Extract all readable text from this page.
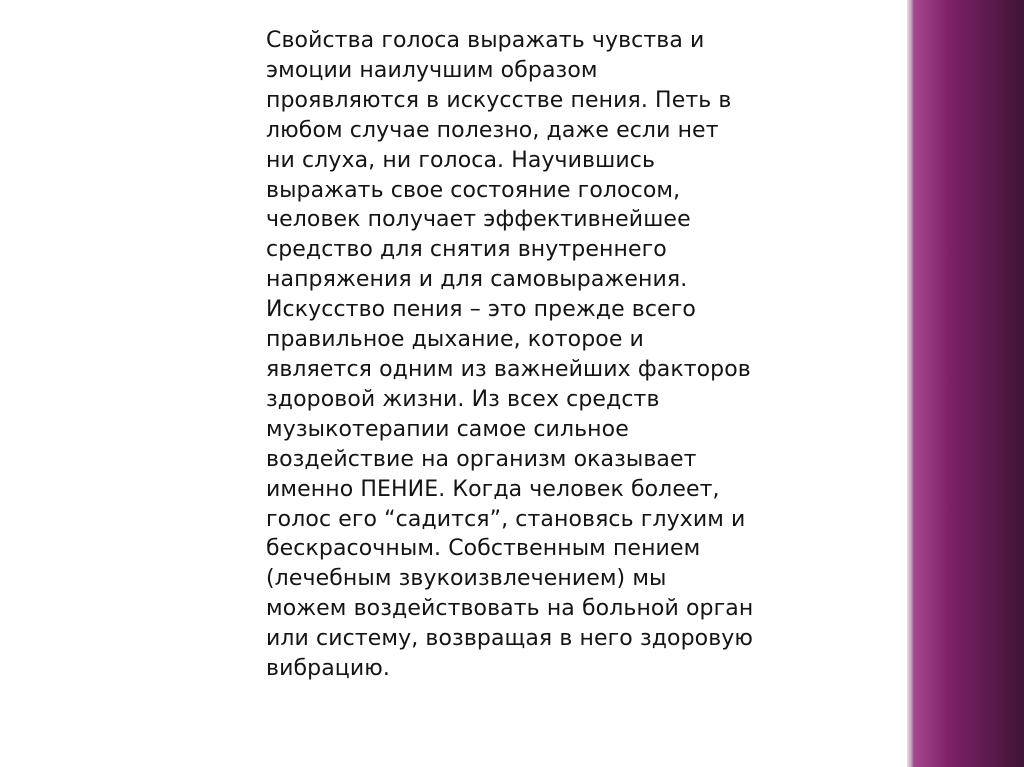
Свойства голоса выражать чувства и
эмоции наилучшим образом
проявляются в искусстве пения. Петь в
любом случае полезно, даже если нет
ни слуха, ни голоса. Научившись
выражать свое состояние голосом,
человек получает эффективнейшее
средство для снятия внутреннего
напряжения и для самовыражения.
Искусство пения – это прежде всего
правильное дыхание, которое и
является одним из важнейших факторов
здоровой жизни. Из всех средств
музыкотерапии самое сильное
воздействие на организм оказывает
именно ПЕНИЕ. Когда человек болеет,
голос его “садится”, становясь глухим и
бескрасочным. Собственным пением
(лечебным звукоизвлечением) мы
можем воздействовать на больной орган
или систему, возвращая в него здоровую
вибрацию.
